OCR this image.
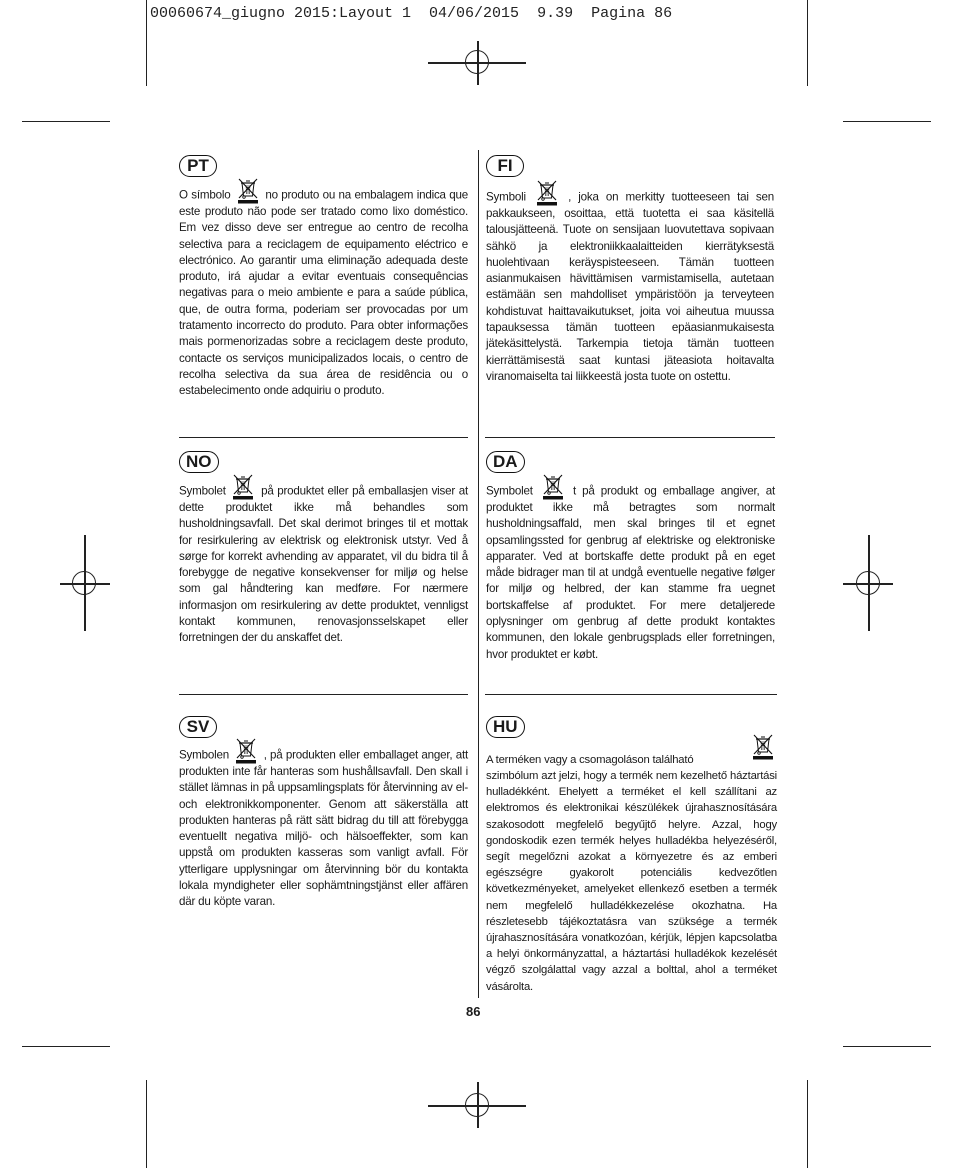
00060674_giugno 2015:Layout 1  04/06/2015  9.39  Pagina 86
PT
O símbolo	no produto ou na embalagem indica que este produto não pode ser tratado como lixo doméstico. Em vez disso deve ser entregue ao centro de recolha selectiva para a reciclagem de equipamento eléctrico e electrónico. Ao garantir uma eliminação adequada deste produto, irá ajudar a evitar eventuais consequências negativas para o meio ambiente e para a saúde pública, que, de outra forma, poderiam ser provocadas por um tratamento incorrecto do produto. Para obter informações mais pormenorizadas sobre a reciclagem deste produto, contacte os serviços municipalizados locais, o centro de recolha selectiva da sua área de residência ou o estabelecimento onde adquiriu o produto.
FI
Symboli	, joka on merkitty tuotteeseen tai sen pakkaukseen, osoittaa, että tuotetta ei saa käsitellä talousjätteenä. Tuote on sensijaan luovutettava sopivaan sähkö ja elektroniikkaalaitteiden kierrätyksestä huolehtivaan keräyspisteeseen. Tämän tuotteen asianmukaisen hävittämisen varmistamisella, autetaan estämään sen mahdolliset ympäristöön ja terveyteen kohdistuvat haittavaikutukset, joita voi aiheutua muussa tapauksessa tämän tuotteen epäasianmukaisesta jätekäsittelystä. Tarkempia tietoja tämän tuotteen kierrättämisestä saat kuntasi jäteasiota hoitavalta viranomaiselta tai liikkeestä josta tuote on ostettu.
NO
Symbolet	på produktet eller på emballasjen viser at dette produktet ikke må behandles som husholdningsavfall. Det skal derimot bringes til et mottak for resirkulering av elektrisk og elektronisk utstyr. Ved å sørge for korrekt avhending av apparatet, vil du bidra til å forebygge de negative konsekvenser for miljø og helse som gal håndtering kan medføre. For nærmere informasjon om resirkulering av dette produktet, vennligst kontakt kommunen, renovasjonsselskapet eller forretningen der du anskaffet det.
DA
Symbolet	t på produkt og emballage angiver, at produktet ikke må betragtes som normalt husholdningsaffald, men skal bringes til et egnet opsamlingssted for genbrug af elektriske og elektroniske apparater. Ved at bortskaffe dette produkt på en eget måde bidrager man til at undgå eventuelle negative følger for miljø og helbred, der kan stamme fra uegnet bortskaffelse af produktet. For mere detaljerede oplysninger om genbrug af dette produkt kontaktes kommunen, den lokale genbrugsplads eller forretningen, hvor produktet er købt.
SV
Symbolen	, på produkten eller emballaget anger, att produkten inte får hanteras som hushållsavfall. Den skall i stället lämnas in på uppsamlingsplats för återvinning av el- och elektronikkomponenter. Genom att säkerställa att produkten hanteras på rätt sätt bidrag du till att förebygga eventuellt negativa miljö- och hälsoeffekter, som kan uppstå om produkten kasseras som vanligt avfall. För ytterligare upplysningar om återvinning bör du kontakta lokala myndigheter eller sophämtningstjänst eller affären där du köpte varan.
HU
A terméken vagy a csomagoláson található
szimbólum azt jelzi, hogy a termék nem kezelhető háztartási hulladékként. Ehelyett a terméket el kell szállítani az elektromos és elektronikai készülékek újrahasznosítására szakosodott megfelelő begyűjtő helyre. Azzal, hogy gondoskodik ezen termék helyes hulladékba helyezéséről, segít megelőzni azokat a környezetre és az emberi egészségre gyakorolt potenciális kedvezőtlen következményeket, amelyeket ellenkező esetben a termék nem megfelelő hulladékkezelése okozhatna. Ha részletesebb tájékoztatásra van szüksége a termék újrahasznosítására vonatkozóan, kérjük, lépjen kapcsolatba a helyi önkormányzattal, a háztartási hulladékok kezelését végző szolgálattal vagy azzal a bolttal, ahol a terméket vásárolta.
86
